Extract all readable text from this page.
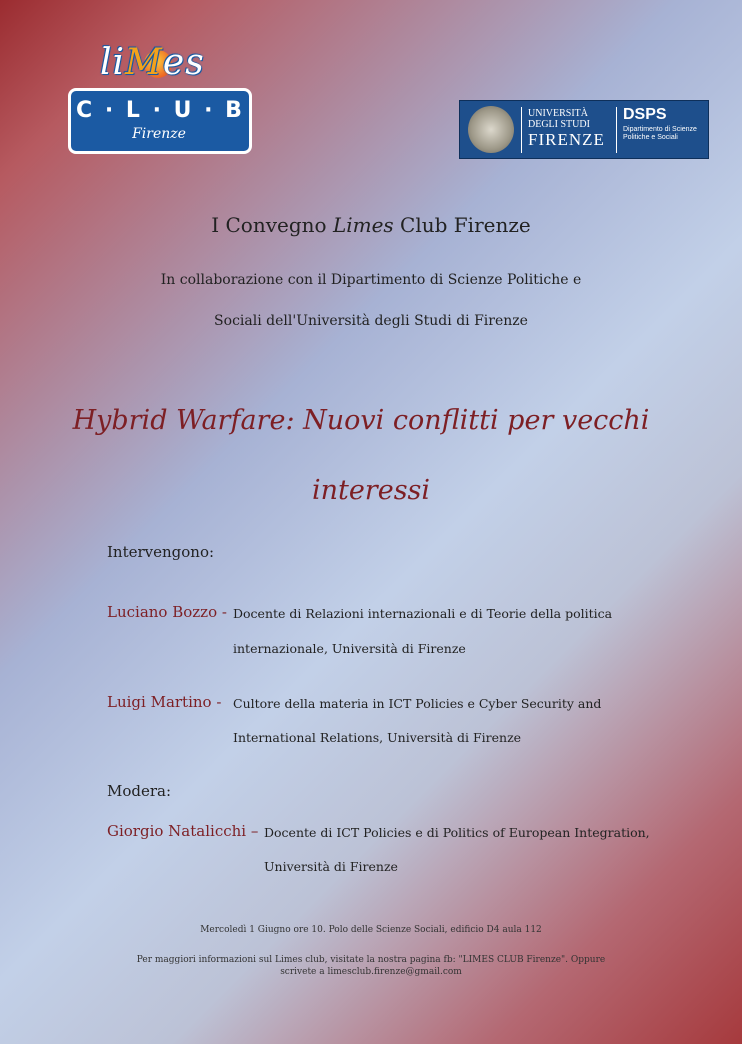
liMes
C · L · U · B
Firenze
UNIVERSITÀ
DEGLI STUDI
FIRENZE
DSPS
Dipartimento di Scienze Politiche e Sociali
I Convegno Limes Club Firenze
In collaborazione con il Dipartimento di Scienze Politiche e
Sociali dell'Università degli Studi di Firenze
Hybrid Warfare: Nuovi conflitti per vecchi
interessi
Intervengono:
Luciano Bozzo - Docente di Relazioni internazionali e di Teorie della politica
internazionale, Università di Firenze
Luigi Martino - Cultore della materia in ICT Policies e Cyber Security and
International Relations, Università di Firenze
Modera:
Giorgio Natalicchi – Docente di ICT Policies e di Politics of European Integration,
Università di Firenze
Mercoledì 1 Giugno ore 10. Polo delle Scienze Sociali, edificio D4 aula 112
Per maggiori informazioni sul Limes club, visitate la nostra pagina fb: "LIMES CLUB Firenze". Oppure
scrivete a limesclub.firenze@gmail.com
